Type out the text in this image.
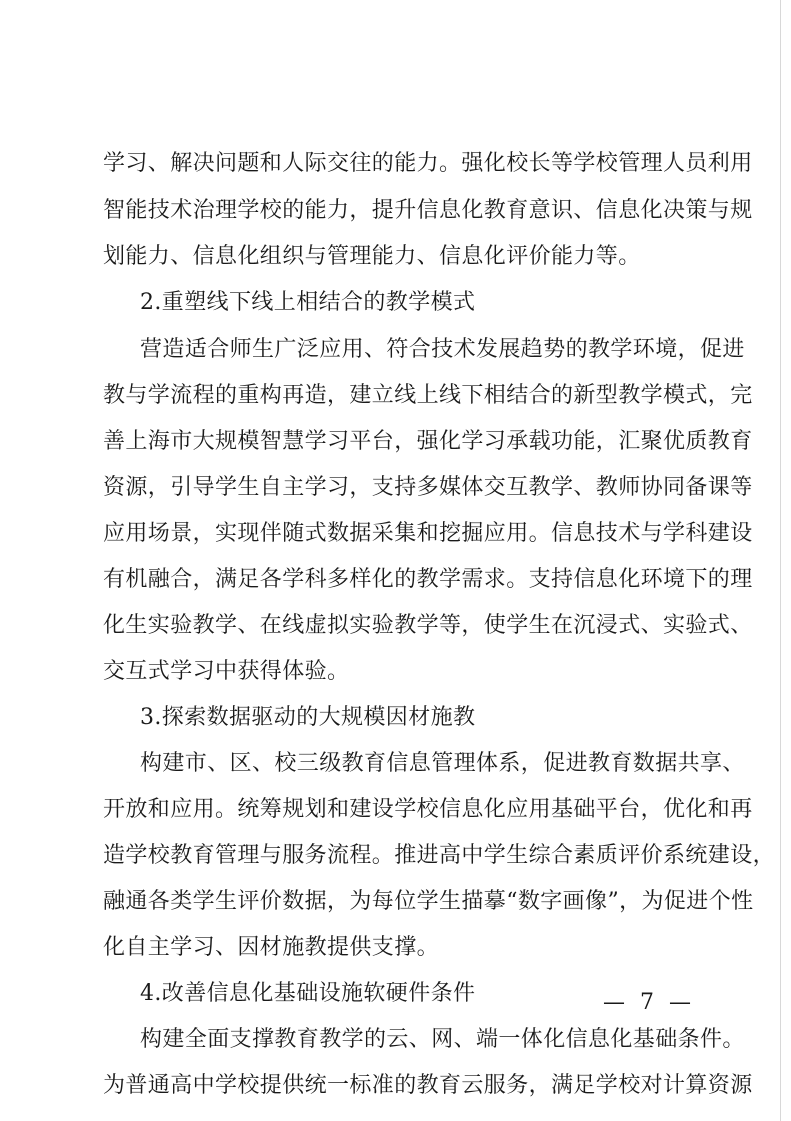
学习、解决问题和人际交往的能力。强化校长等学校管理人员利用
智能技术治理学校的能力，提升信息化教育意识、信息化决策与规
划能力、信息化组织与管理能力、信息化评价能力等。
2.重塑线下线上相结合的教学模式
营造适合师生广泛应用、符合技术发展趋势的教学环境，促进
教与学流程的重构再造，建立线上线下相结合的新型教学模式，完
善上海市大规模智慧学习平台，强化学习承载功能，汇聚优质教育
资源，引导学生自主学习，支持多媒体交互教学、教师协同备课等
应用场景，实现伴随式数据采集和挖掘应用。信息技术与学科建设
有机融合，满足各学科多样化的教学需求。支持信息化环境下的理
化生实验教学、在线虚拟实验教学等，使学生在沉浸式、实验式、
交互式学习中获得体验。
3.探索数据驱动的大规模因材施教
构建市、区、校三级教育信息管理体系，促进教育数据共享、
开放和应用。统筹规划和建设学校信息化应用基础平台，优化和再
造学校教育管理与服务流程。推进高中学生综合素质评价系统建设，
融通各类学生评价数据，为每位学生描摹“数字画像”，为促进个性
化自主学习、因材施教提供支撑。
4.改善信息化基础设施软硬件条件
构建全面支撑教育教学的云、网、端一体化信息化基础条件。
为普通高中学校提供统一标准的教育云服务，满足学校对计算资源
— 7 —
